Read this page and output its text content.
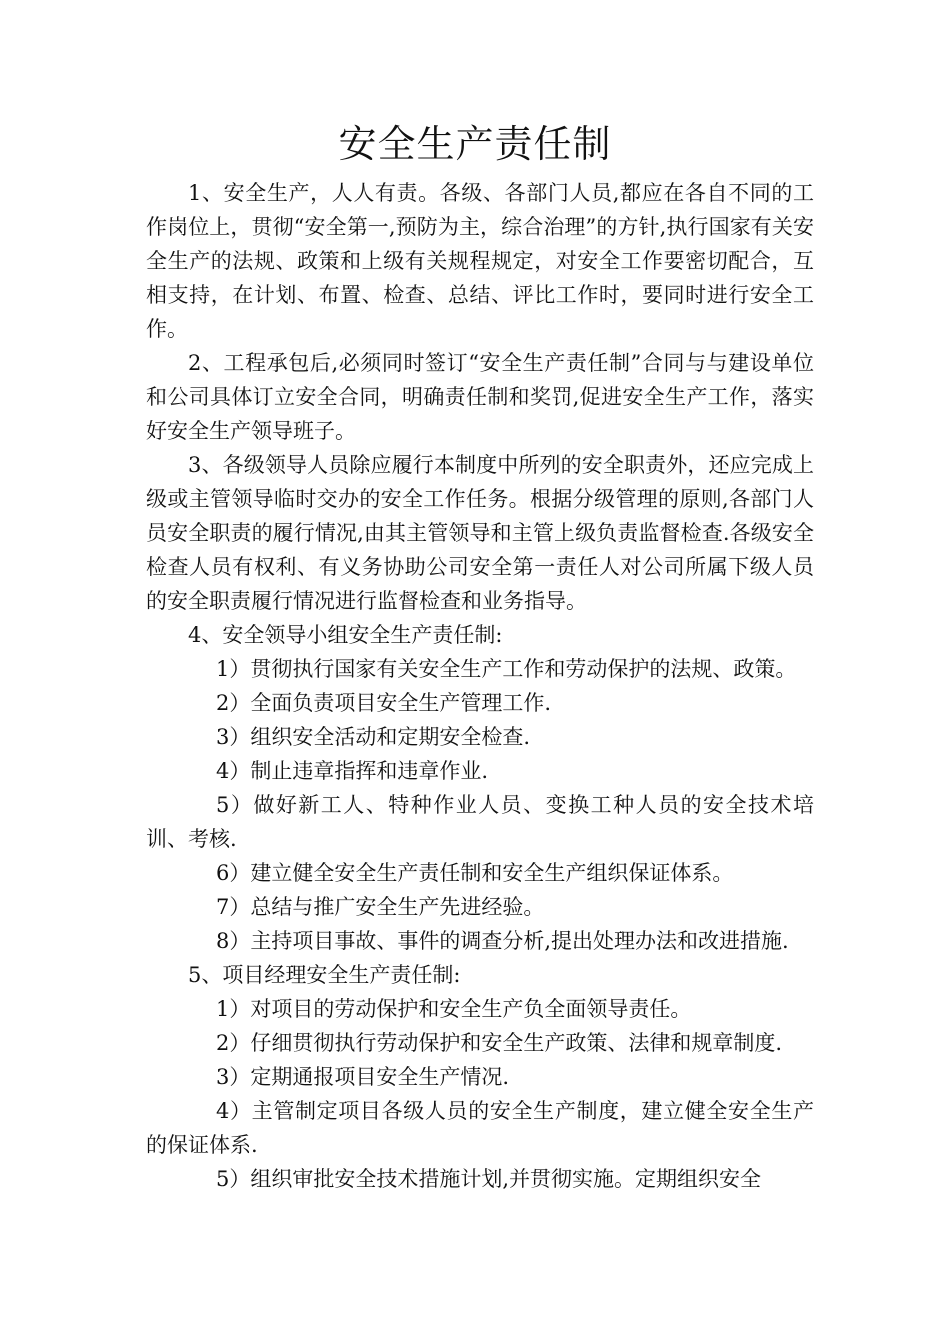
安全生产责任制

1、安全生产，人人有责。各级、各部门人员,都应在各自不同的工作岗位上，贯彻“安全第一,预防为主，综合治理”的方针,执行国家有关安全生产的法规、政策和上级有关规程规定，对安全工作要密切配合，互相支持，在计划、布置、检查、总结、评比工作时，要同时进行安全工作。

2、工程承包后,必须同时签订“安全生产责任制”合同与与建设单位和公司具体订立安全合同，明确责任制和奖罚,促进安全生产工作，落实好安全生产领导班子。

3、各级领导人员除应履行本制度中所列的安全职责外，还应完成上级或主管领导临时交办的安全工作任务。根据分级管理的原则,各部门人员安全职责的履行情况,由其主管领导和主管上级负责监督检查.各级安全检查人员有权利、有义务协助公司安全第一责任人对公司所属下级人员的安全职责履行情况进行监督检查和业务指导。

4、安全领导小组安全生产责任制:

1）贯彻执行国家有关安全生产工作和劳动保护的法规、政策。

2）全面负责项目安全生产管理工作.

3）组织安全活动和定期安全检查.

4）制止违章指挥和违章作业.

5）做好新工人、特种作业人员、变换工种人员的安全技术培训、考核.

6）建立健全安全生产责任制和安全生产组织保证体系。

7）总结与推广安全生产先进经验。

8）主持项目事故、事件的调查分析,提出处理办法和改进措施.

5、项目经理安全生产责任制:

1）对项目的劳动保护和安全生产负全面领导责任。

2）仔细贯彻执行劳动保护和安全生产政策、法律和规章制度.

3）定期通报项目安全生产情况.

4）主管制定项目各级人员的安全生产制度，建立健全安全生产的保证体系.

5）组织审批安全技术措施计划,并贯彻实施。定期组织安全
